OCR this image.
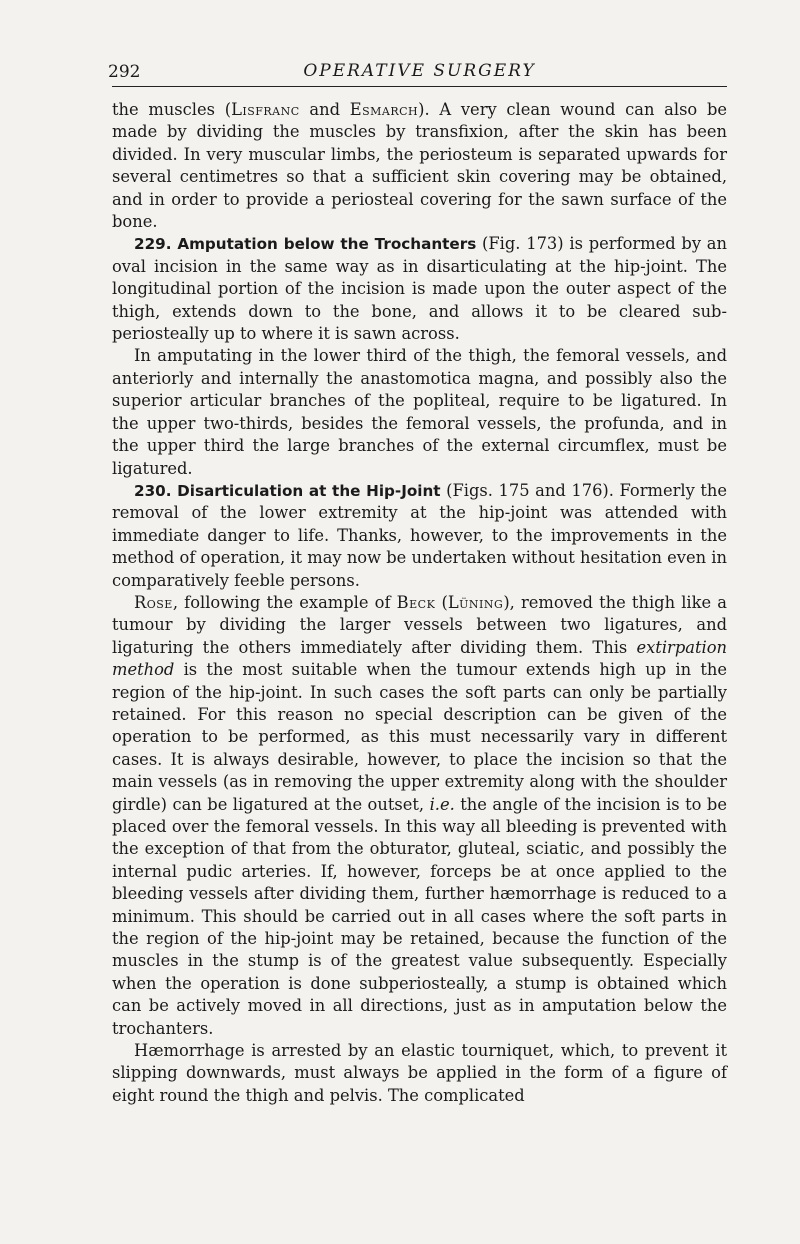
292	OPERATIVE SURGERY

the muscles (Lisfranc and Esmarch). A very clean wound can also be made by dividing the muscles by transfixion, after the skin has been divided. In very muscular limbs, the periosteum is separated upwards for several centimetres so that a sufficient skin covering may be obtained, and in order to provide a periosteal covering for the sawn surface of the bone.

229. Amputation below the Trochanters (Fig. 173) is performed by an oval incision in the same way as in disarticulating at the hip-joint. The longitudinal portion of the incision is made upon the outer aspect of the thigh, extends down to the bone, and allows it to be cleared sub-periosteally up to where it is sawn across.

In amputating in the lower third of the thigh, the femoral vessels, and anteriorly and internally the anastomotica magna, and possibly also the superior articular branches of the popliteal, require to be ligatured. In the upper two-thirds, besides the femoral vessels, the profunda, and in the upper third the large branches of the external circumflex, must be ligatured.

230. Disarticulation at the Hip-Joint (Figs. 175 and 176). Formerly the removal of the lower extremity at the hip-joint was attended with immediate danger to life. Thanks, however, to the improvements in the method of operation, it may now be undertaken without hesitation even in comparatively feeble persons.

Rose, following the example of Beck (Lüning), removed the thigh like a tumour by dividing the larger vessels between two ligatures, and ligaturing the others immediately after dividing them. This extirpation method is the most suitable when the tumour extends high up in the region of the hip-joint. In such cases the soft parts can only be partially retained. For this reason no special description can be given of the operation to be performed, as this must necessarily vary in different cases. It is always desirable, however, to place the incision so that the main vessels (as in removing the upper extremity along with the shoulder girdle) can be ligatured at the outset, i.e. the angle of the incision is to be placed over the femoral vessels. In this way all bleeding is prevented with the exception of that from the obturator, gluteal, sciatic, and possibly the internal pudic arteries. If, however, forceps be at once applied to the bleeding vessels after dividing them, further hæmorrhage is reduced to a minimum. This should be carried out in all cases where the soft parts in the region of the hip-joint may be retained, because the function of the muscles in the stump is of the greatest value subsequently. Especially when the operation is done subperiosteally, a stump is obtained which can be actively moved in all directions, just as in amputation below the trochanters.

Hæmorrhage is arrested by an elastic tourniquet, which, to prevent it slipping downwards, must always be applied in the form of a figure of eight round the thigh and pelvis. The complicated
